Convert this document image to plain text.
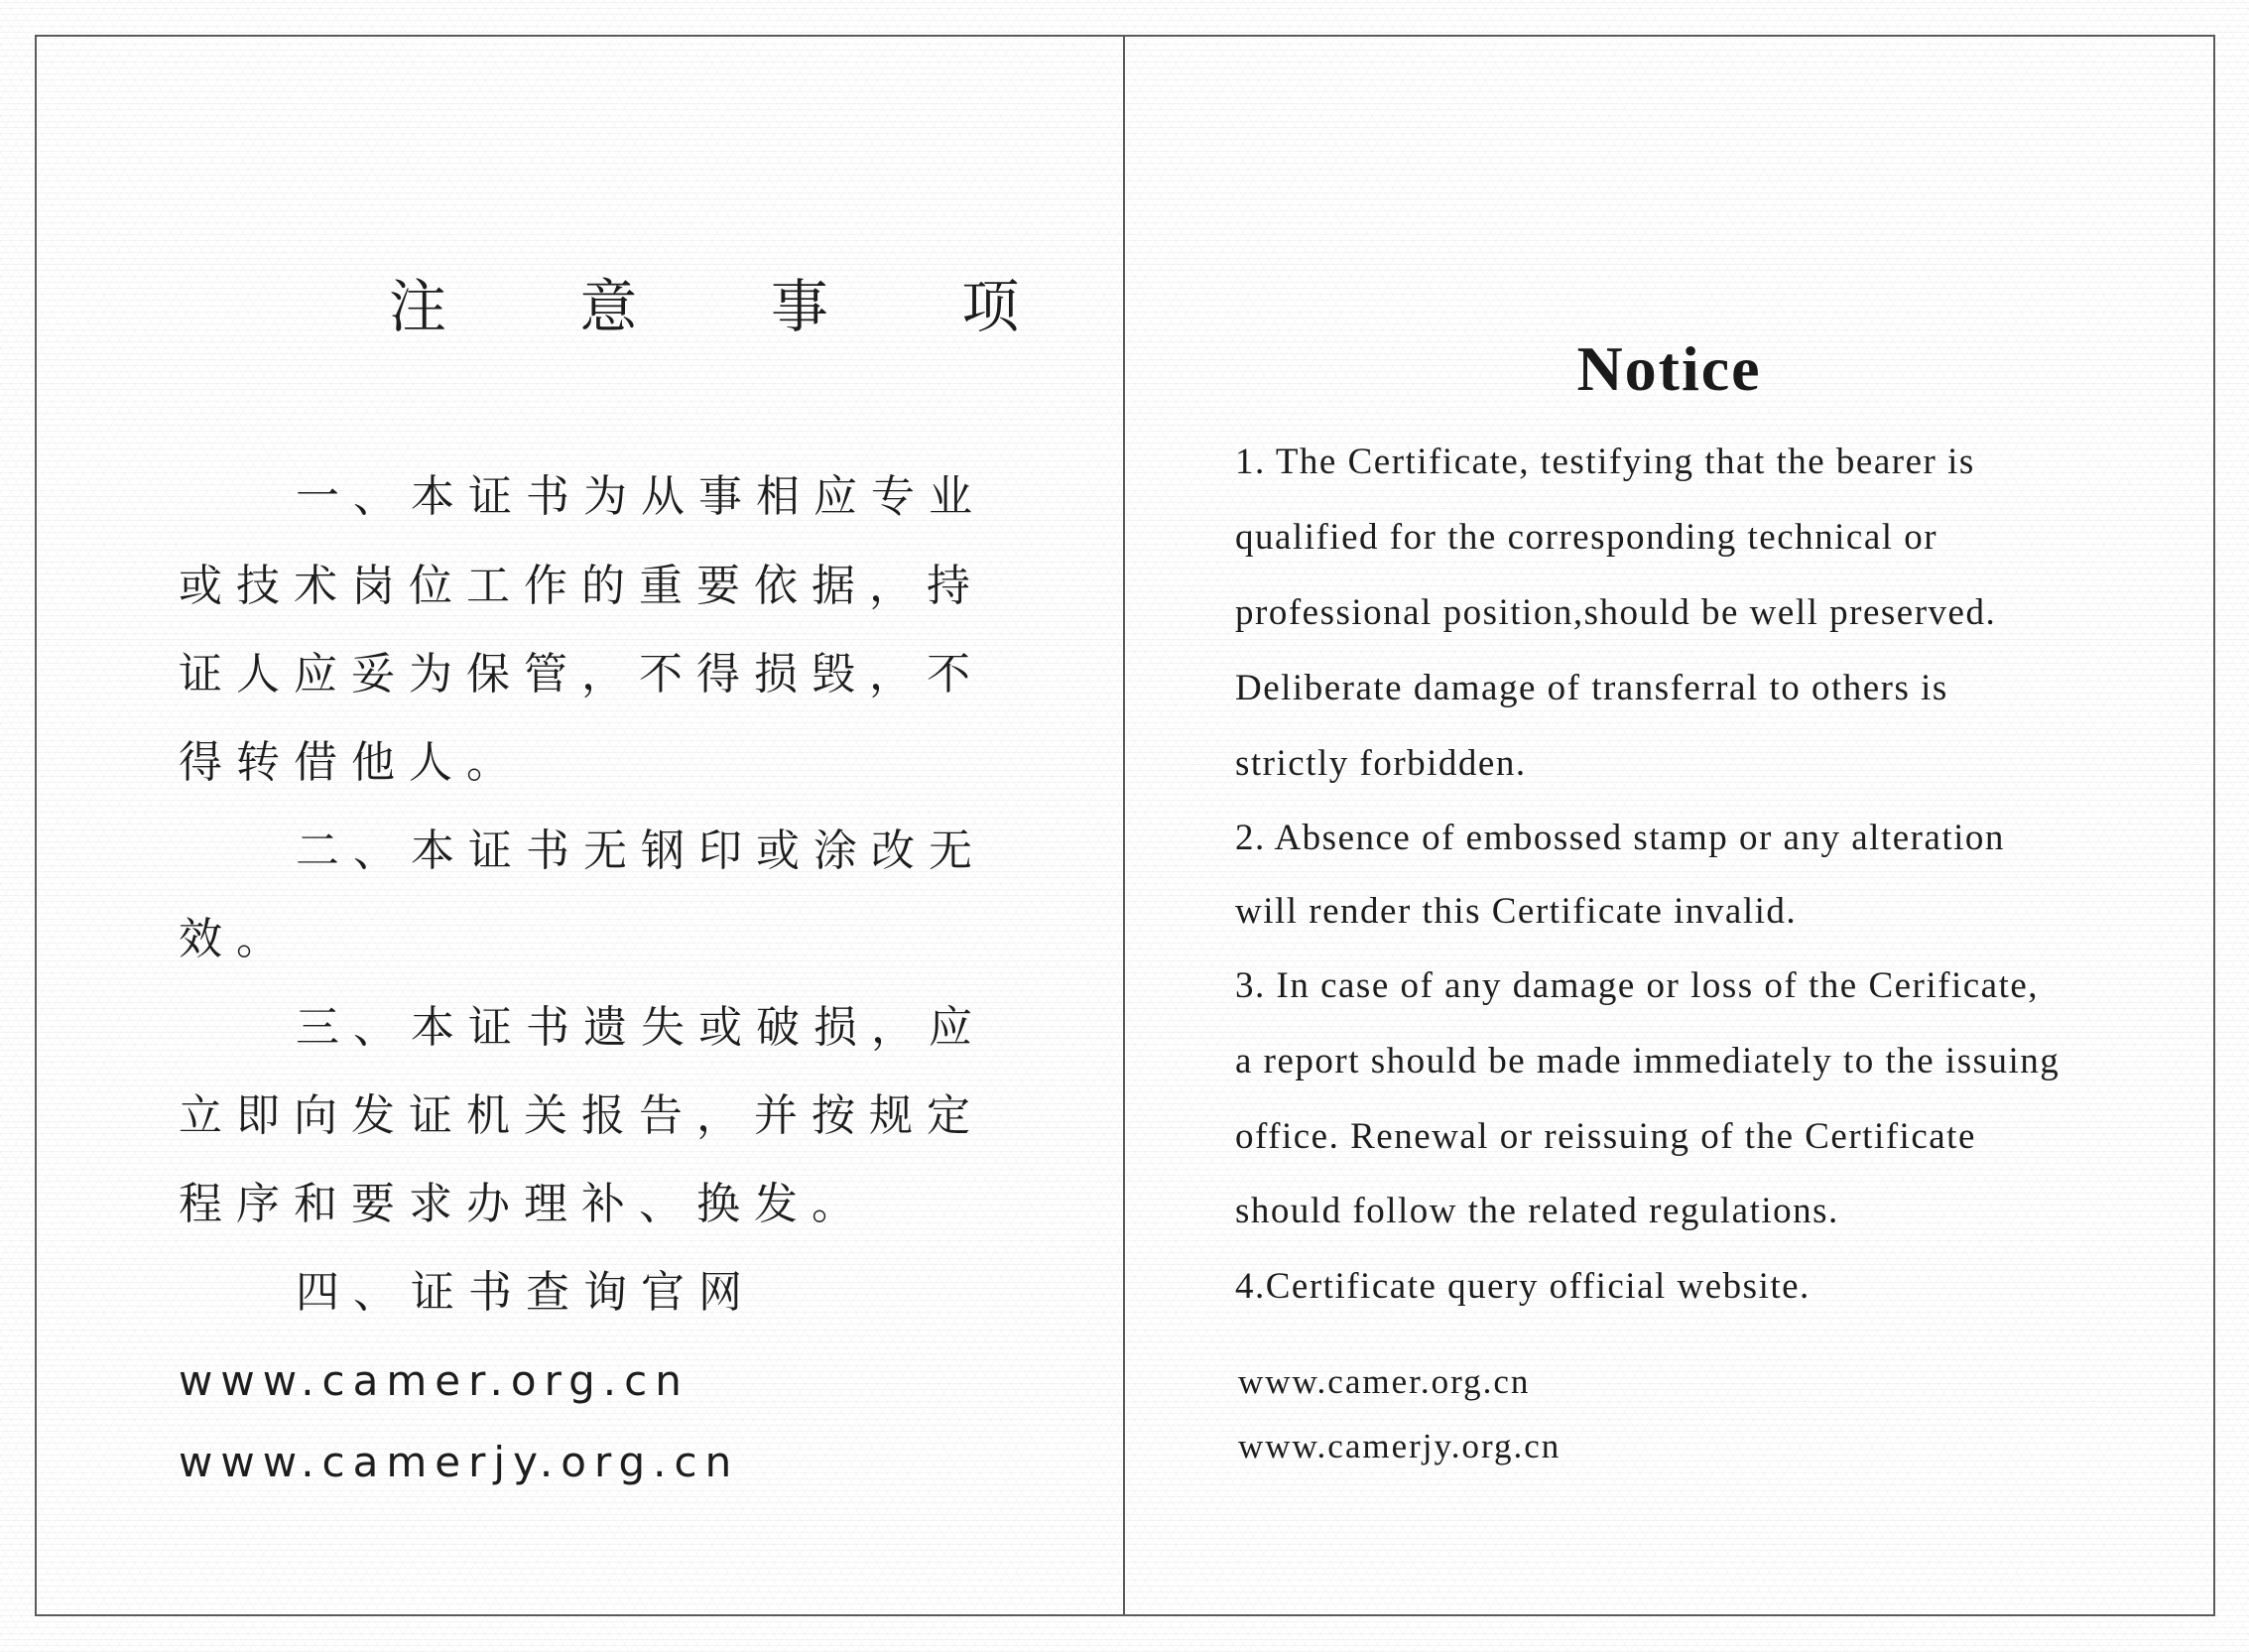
注 意 事 项
一、本证书为从事相应专业
或技术岗位工作的重要依据，持
证人应妥为保管，不得损毁，不
得转借他人。
二、本证书无钢印或涂改无
效。
三、本证书遗失或破损，应
立即向发证机关报告，并按规定
程序和要求办理补、换发。
四、证书查询官网
www.camer.org.cn
www.camerjy.org.cn
Notice
1. The Certificate, testifying that the bearer is
qualified for the corresponding technical or
professional position,should be well preserved.
Deliberate damage of transferral to others is
strictly forbidden.
2. Absence of embossed stamp or any alteration
will render this Certificate invalid.
3. In case of any damage or loss of the Cerificate,
a report should be made immediately to the issuing
office. Renewal or reissuing of the Certificate
should follow the related regulations.
4.Certificate query official website.
www.camer.org.cn
www.camerjy.org.cn
